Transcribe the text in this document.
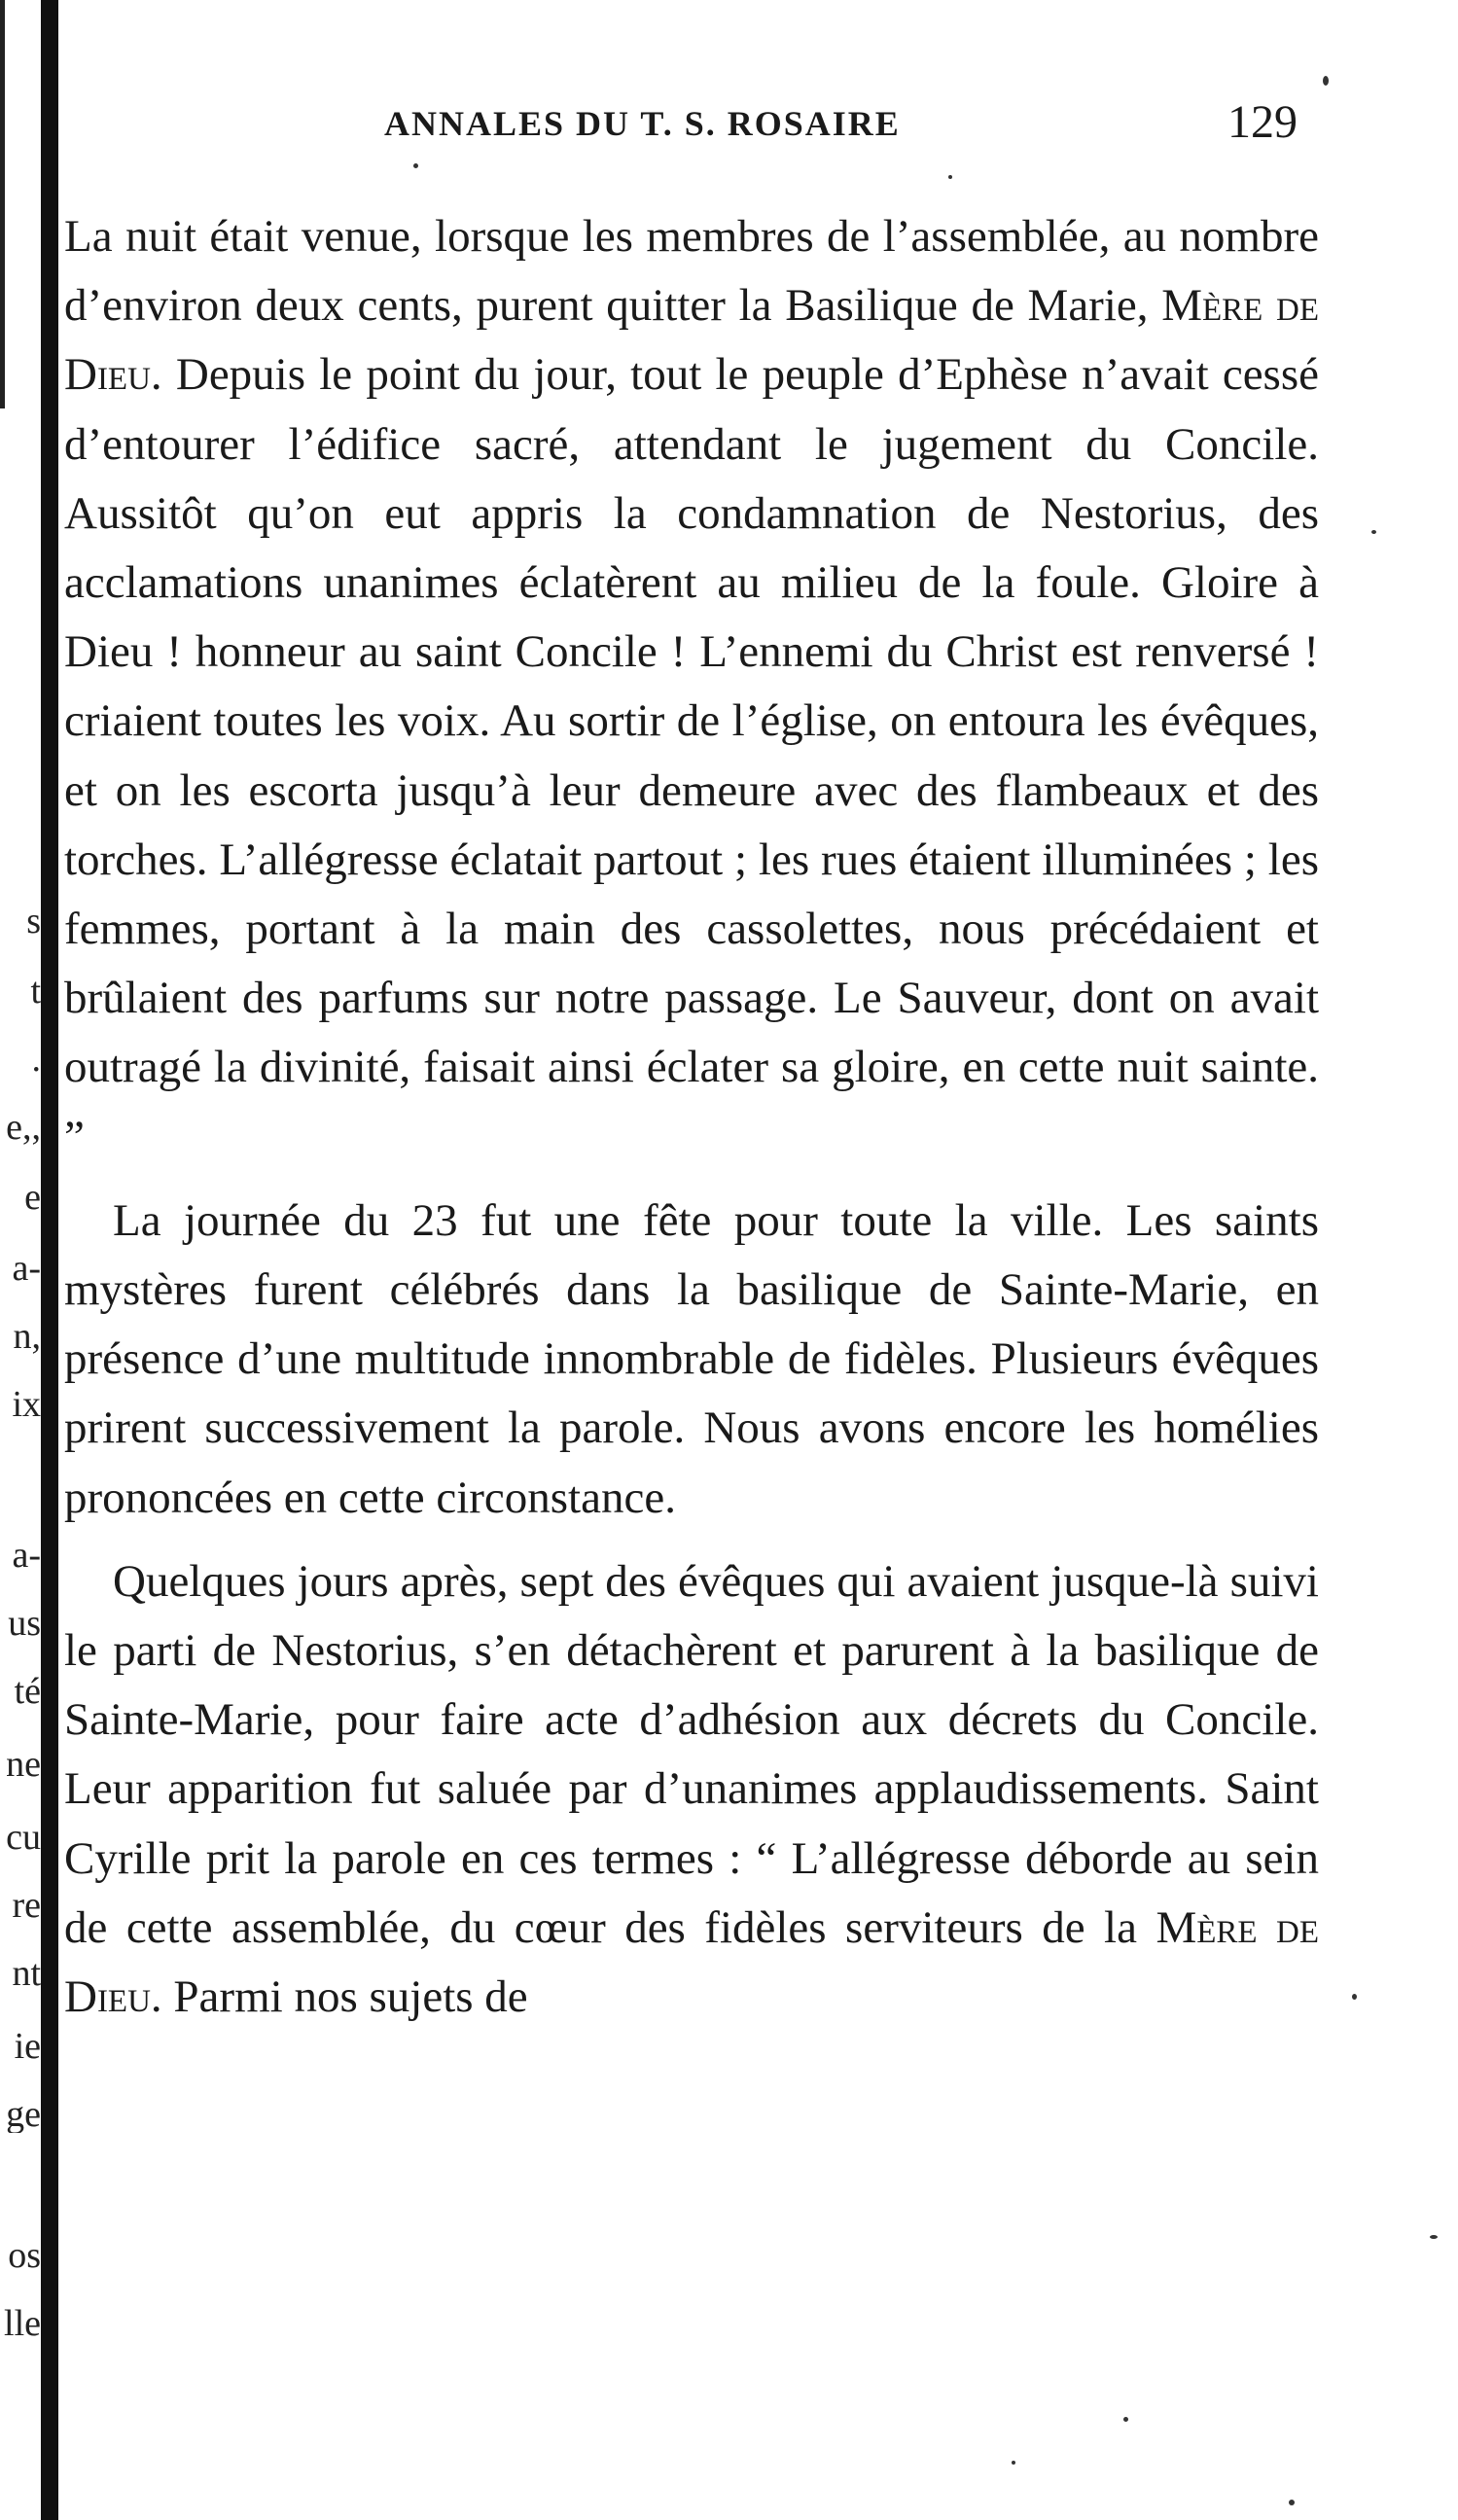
s
t
.
e,,
e
a-
n,
ix
a-
us
té
ne
cu
re
nt
ie
ge
os
lle
ANNALES DU T. S. ROSAIRE	129

La nuit était venue, lorsque les membres de l’assemblée, au nombre d’environ deux cents, purent quitter la Basilique de Marie, Mère de Dieu. Depuis le point du jour, tout le peuple d’Ephèse n’avait cessé d’entourer l’édifice sacré, attendant le jugement du Concile. Aussitôt qu’on eut appris la condamnation de Nestorius, des acclamations unanimes éclatèrent au milieu de la foule. Gloire à Dieu ! honneur au saint Concile ! L’ennemi du Christ est renversé ! criaient toutes les voix. Au sortir de l’église, on entoura les évêques, et on les escorta jusqu’à leur demeure avec des flambeaux et des torches. L’allégresse éclatait partout ; les rues étaient illuminées ; les femmes, portant à la main des cassolettes, nous précédaient et brûlaient des parfums sur notre passage. Le Sauveur, dont on avait outragé la divinité, faisait ainsi éclater sa gloire, en cette nuit sainte. ”

La journée du 23 fut une fête pour toute la ville. Les saints mystères furent célébrés dans la basilique de Sainte-Marie, en présence d’une multitude innombrable de fidèles. Plusieurs évêques prirent successivement la parole. Nous avons encore les homélies prononcées en cette circonstance.

Quelques jours après, sept des évêques qui avaient jusque-là suivi le parti de Nestorius, s’en détachèrent et parurent à la basilique de Sainte-Marie, pour faire acte d’adhésion aux décrets du Concile. Leur apparition fut saluée par d’unanimes applaudissements. Saint Cyrille prit la parole en ces termes : “ L’allégresse déborde au sein de cette assemblée, du cœur des fidèles serviteurs de la Mère de Dieu. Parmi nos sujets de
